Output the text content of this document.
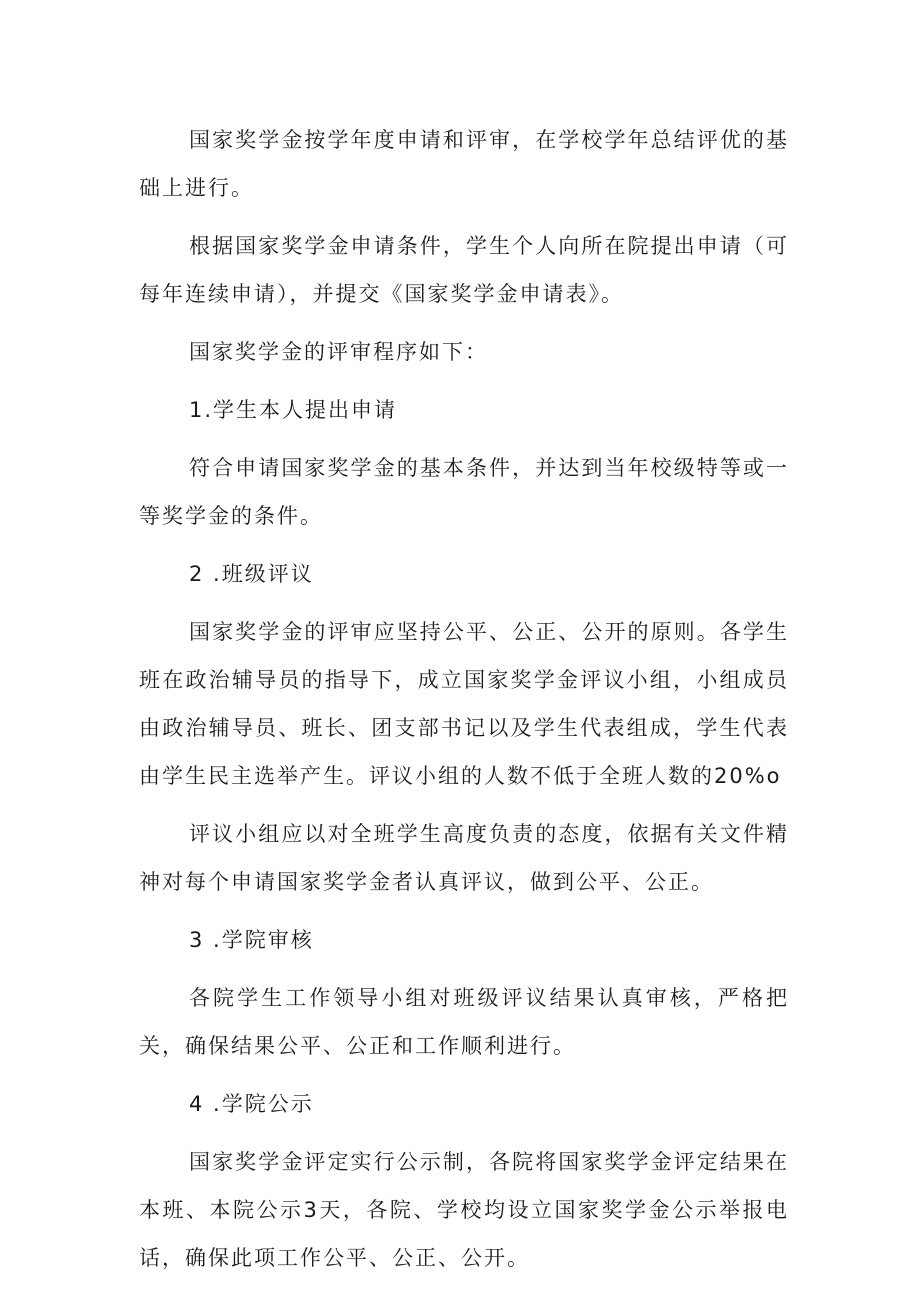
国家奖学金按学年度申请和评审，在学校学年总结评优的基础上进行。

根据国家奖学金申请条件，学生个人向所在院提出申请（可每年连续申请），并提交《国家奖学金申请表》。

国家奖学金的评审程序如下：

1.学生本人提出申请

符合申请国家奖学金的基本条件，并达到当年校级特等或一等奖学金的条件。

2 .班级评议

国家奖学金的评审应坚持公平、公正、公开的原则。各学生班在政治辅导员的指导下，成立国家奖学金评议小组，小组成员由政治辅导员、班长、团支部书记以及学生代表组成，学生代表由学生民主选举产生。评议小组的人数不低于全班人数的20%o

评议小组应以对全班学生高度负责的态度，依据有关文件精神对每个申请国家奖学金者认真评议，做到公平、公正。

3 .学院审核

各院学生工作领导小组对班级评议结果认真审核，严格把关，确保结果公平、公正和工作顺利进行。

4 .学院公示

国家奖学金评定实行公示制，各院将国家奖学金评定结果在本班、本院公示3天，各院、学校均设立国家奖学金公示举报电话，确保此项工作公平、公正、公开。
